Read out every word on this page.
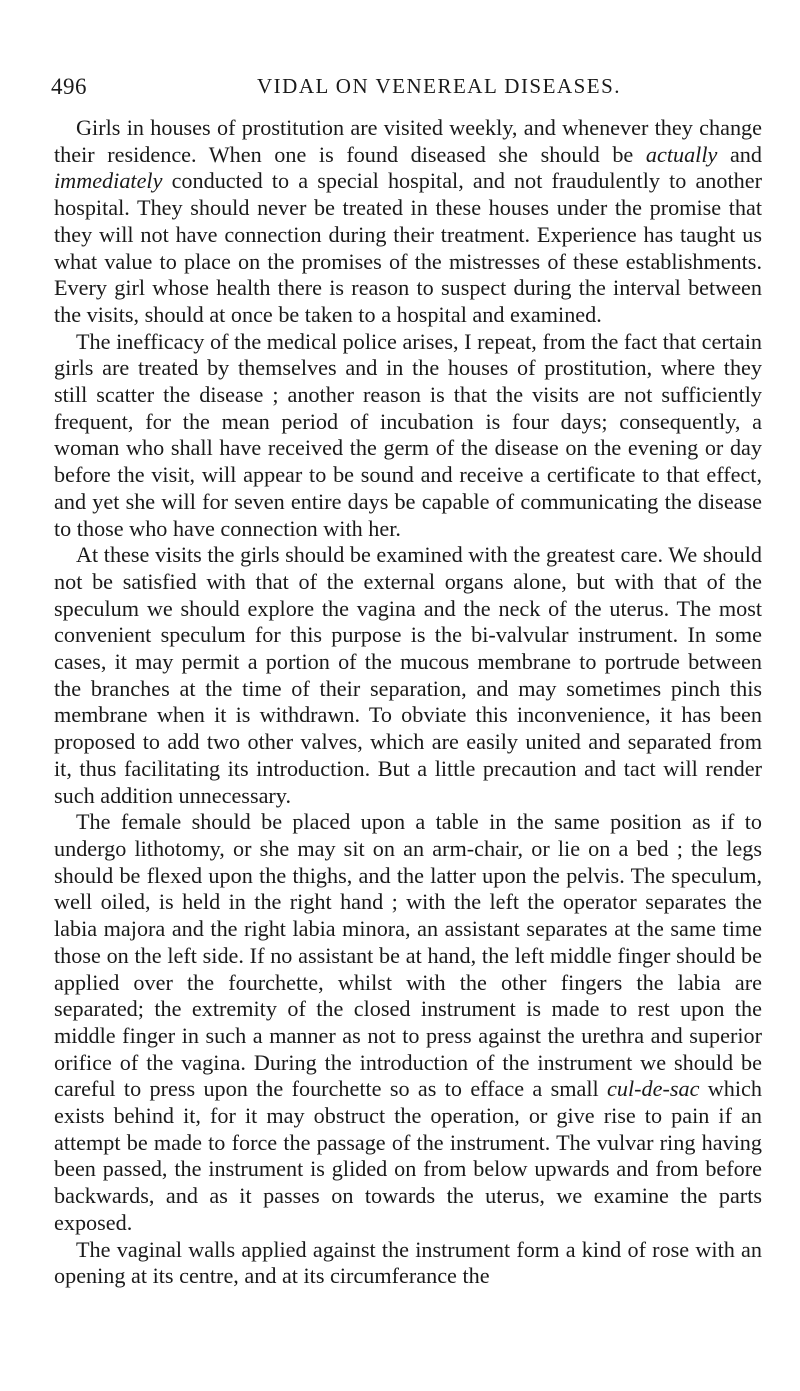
496	VIDAL ON VENEREAL DISEASES.

Girls in houses of prostitution are visited weekly, and whenever they change their residence. When one is found diseased she should be actually and immediately conducted to a special hospital, and not fraudulently to another hospital. They should never be treated in these houses under the promise that they will not have connection during their treatment. Experience has taught us what value to place on the promises of the mistresses of these establishments. Every girl whose health there is reason to suspect during the interval between the visits, should at once be taken to a hospital and examined.

The inefficacy of the medical police arises, I repeat, from the fact that certain girls are treated by themselves and in the houses of prostitution, where they still scatter the disease ; another reason is that the visits are not sufficiently frequent, for the mean period of incubation is four days; consequently, a woman who shall have received the germ of the disease on the evening or day before the visit, will appear to be sound and receive a certificate to that effect, and yet she will for seven entire days be capable of communicating the disease to those who have connection with her.

At these visits the girls should be examined with the greatest care. We should not be satisfied with that of the external organs alone, but with that of the speculum we should explore the vagina and the neck of the uterus. The most convenient speculum for this purpose is the bi-valvular instrument. In some cases, it may permit a portion of the mucous membrane to portrude between the branches at the time of their separation, and may sometimes pinch this membrane when it is withdrawn. To obviate this inconvenience, it has been proposed to add two other valves, which are easily united and separated from it, thus facilitating its introduction. But a little precaution and tact will render such addition unnecessary.

The female should be placed upon a table in the same position as if to undergo lithotomy, or she may sit on an arm-chair, or lie on a bed ; the legs should be flexed upon the thighs, and the latter upon the pelvis. The speculum, well oiled, is held in the right hand ; with the left the operator separates the labia majora and the right labia minora, an assistant separates at the same time those on the left side. If no assistant be at hand, the left middle finger should be applied over the fourchette, whilst with the other fingers the labia are separated; the extremity of the closed instrument is made to rest upon the middle finger in such a manner as not to press against the urethra and superior orifice of the vagina. During the introduction of the instrument we should be careful to press upon the fourchette so as to efface a small cul-de-sac which exists behind it, for it may obstruct the operation, or give rise to pain if an attempt be made to force the passage of the instrument. The vulvar ring having been passed, the instrument is glided on from below upwards and from before backwards, and as it passes on towards the uterus, we examine the parts exposed.

The vaginal walls applied against the instrument form a kind of rose with an opening at its centre, and at its circumferance the
